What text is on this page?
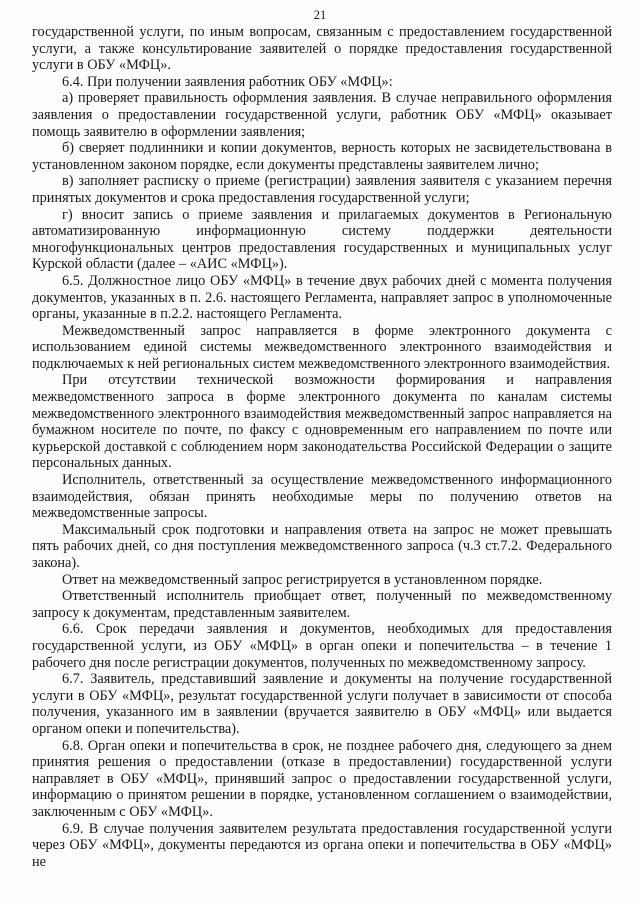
21

государственной услуги, по иным вопросам, связанным с предоставлением государственной услуги, а также консультирование заявителей о порядке предоставления государственной услуги в ОБУ «МФЦ».

6.4. При получении заявления работник ОБУ «МФЦ»:

а) проверяет правильность оформления заявления. В случае неправильного оформления заявления о предоставлении государственной услуги, работник ОБУ «МФЦ» оказывает помощь заявителю в оформлении заявления;

б) сверяет подлинники и копии документов, верность которых не засвидетельствована в установленном законом порядке, если документы представлены заявителем лично;

в) заполняет расписку о приеме (регистрации) заявления заявителя с указанием перечня принятых документов и срока предоставления государственной услуги;

г) вносит запись о приеме заявления и прилагаемых документов в Региональную автоматизированную информационную систему поддержки деятельности многофункциональных центров предоставления государственных и муниципальных услуг Курской области (далее – «АИС «МФЦ»).

6.5. Должностное лицо ОБУ «МФЦ» в течение двух рабочих дней с момента получения документов, указанных в п. 2.6. настоящего Регламента, направляет запрос в уполномоченные органы, указанные в п.2.2. настоящего Регламента.

Межведомственный запрос направляется в форме электронного документа с использованием единой системы межведомственного электронного взаимодействия и подключаемых к ней региональных систем межведомственного электронного взаимодействия.

При отсутствии технической возможности формирования и направления межведомственного запроса в форме электронного документа по каналам системы межведомственного электронного взаимодействия межведомственный запрос направляется на бумажном носителе по почте, по факсу с одновременным его направлением по почте или курьерской доставкой с соблюдением норм законодательства Российской Федерации о защите персональных данных.

Исполнитель, ответственный за осуществление межведомственного информационного взаимодействия, обязан принять необходимые меры по получению ответов на межведомственные запросы.

Максимальный срок подготовки и направления ответа на запрос не может превышать пять рабочих дней, со дня поступления межведомственного запроса (ч.3 ст.7.2. Федерального закона).

Ответ на межведомственный запрос регистрируется в установленном порядке.

Ответственный исполнитель приобщает ответ, полученный по межведомственному запросу к документам, представленным заявителем.

6.6. Срок передачи заявления и документов, необходимых для предоставления государственной услуги, из ОБУ «МФЦ» в орган опеки и попечительства – в течение 1 рабочего дня после регистрации документов, полученных по межведомственному запросу.

6.7. Заявитель, представивший заявление и документы на получение государственной услуги в ОБУ «МФЦ», результат государственной услуги получает в зависимости от способа получения, указанного им в заявлении (вручается заявителю в ОБУ «МФЦ» или выдается органом опеки и попечительства).

6.8. Орган опеки и попечительства в срок, не позднее рабочего дня, следующего за днем принятия решения о предоставлении (отказе в предоставлении) государственной услуги направляет в ОБУ «МФЦ», принявший запрос о предоставлении государственной услуги, информацию о принятом решении в порядке, установленном соглашением о взаимодействии, заключенным с ОБУ «МФЦ».

6.9. В случае получения заявителем результата предоставления государственной услуги через ОБУ «МФЦ», документы передаются из органа опеки и попечительства в ОБУ «МФЦ» не
